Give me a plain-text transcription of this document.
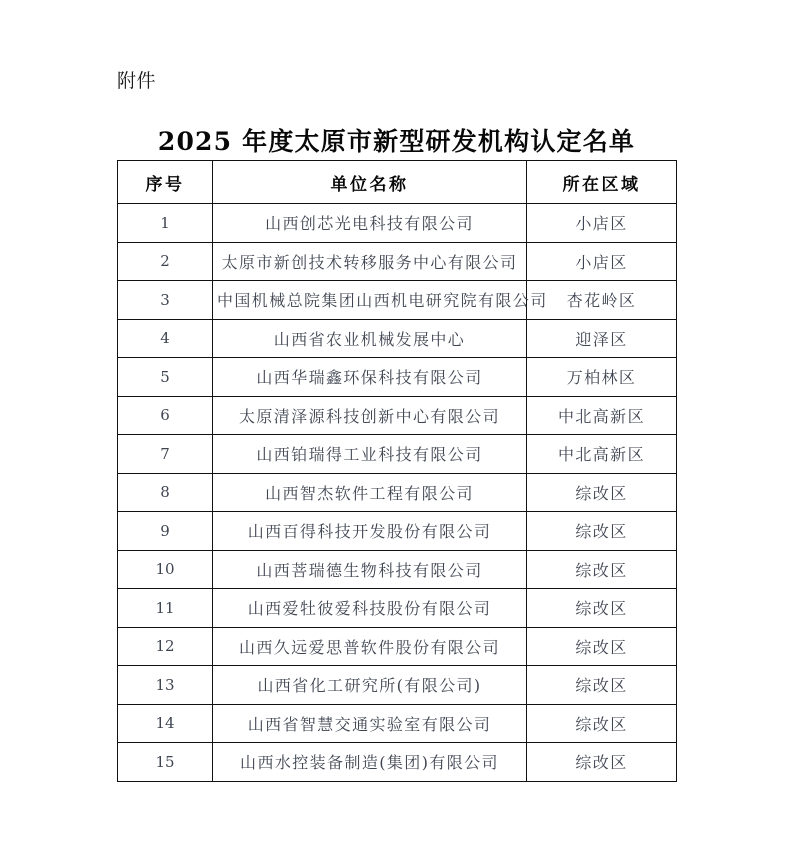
附件
2025 年度太原市新型研发机构认定名单
序号	单位名称	所在区域
1	山西创芯光电科技有限公司	小店区
2	太原市新创技术转移服务中心有限公司	小店区
3	中国机械总院集团山西机电研究院有限公司	杏花岭区
4	山西省农业机械发展中心	迎泽区
5	山西华瑞鑫环保科技有限公司	万柏林区
6	太原清泽源科技创新中心有限公司	中北高新区
7	山西铂瑞得工业科技有限公司	中北高新区
8	山西智杰软件工程有限公司	综改区
9	山西百得科技开发股份有限公司	综改区
10	山西菩瑞德生物科技有限公司	综改区
11	山西爱牡彼爱科技股份有限公司	综改区
12	山西久远爱思普软件股份有限公司	综改区
13	山西省化工研究所(有限公司)	综改区
14	山西省智慧交通实验室有限公司	综改区
15	山西水控装备制造(集团)有限公司	综改区
